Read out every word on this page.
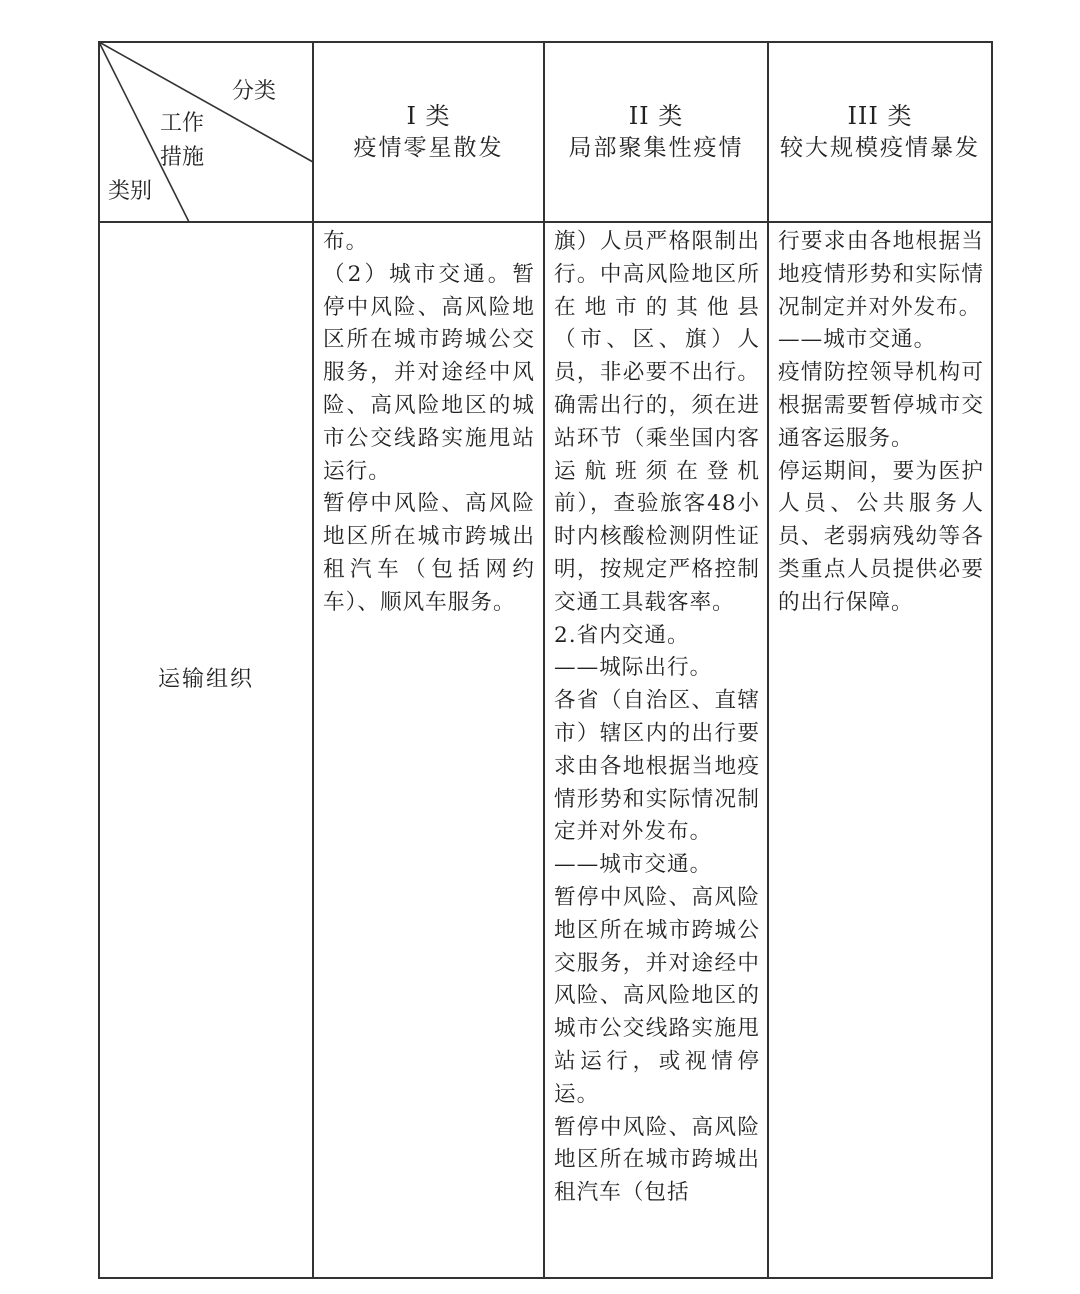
分类
工作
措施
类别
I 类
疫情零星散发
II 类
局部聚集性疫情
III 类
较大规模疫情暴发
运输组织
布。
（2）城市交通。暂停中风险、高风险地区所在城市跨城公交服务，并对途经中风险、高风险地区的城市公交线路实施甩站运行。
暂停中风险、高风险地区所在城市跨城出租汽车（包括网约车）、顺风车服务。
旗）人员严格限制出行。中高风险地区所在地市的其他县（市、区、旗）人员，非必要不出行。确需出行的，须在进站环节（乘坐国内客运航班须在登机前），查验旅客48小时内核酸检测阴性证明，按规定严格控制交通工具载客率。
2.省内交通。
——城际出行。
各省（自治区、直辖市）辖区内的出行要求由各地根据当地疫情形势和实际情况制定并对外发布。
——城市交通。
暂停中风险、高风险地区所在城市跨城公交服务，并对途经中风险、高风险地区的城市公交线路实施甩站运行，或视情停运。
暂停中风险、高风险地区所在城市跨城出租汽车（包括
行要求由各地根据当地疫情形势和实际情况制定并对外发布。
——城市交通。
疫情防控领导机构可根据需要暂停城市交通客运服务。
停运期间，要为医护人员、公共服务人员、老弱病残幼等各类重点人员提供必要的出行保障。
